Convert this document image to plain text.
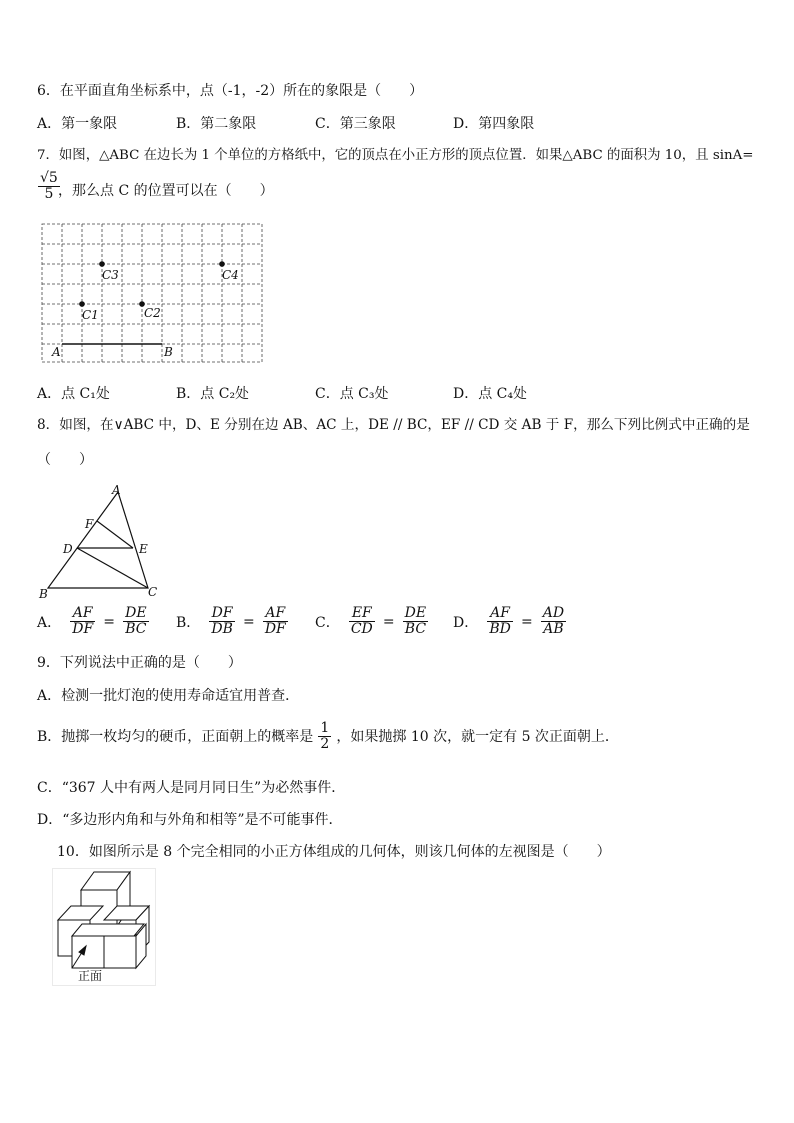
6．在平面直角坐标系中，点（-1，-2）所在的象限是（　　）
A．第一象限	B．第二象限	C．第三象限	D．第四象限
7．如图，△ABC 在边长为 1 个单位的方格纸中，它的顶点在小正方形的顶点位置．如果△ABC 的面积为 10，且 sinA=
$\frac{√5}{5}$
，那么点 C 的位置可以在（　　）
C3	C4
C1	C2
A	B
A．点 C₁处	B．点 C₂处	C．点 C₃处	D．点 C₄处
8．如图，在∨ABC 中，D、E 分别在边 AB、AC 上，DE // BC，EF // CD 交 AB 于 F，那么下列比例式中正确的是
（　　）
A
F
D	E
B	C
A． $\frac{AF}{DF} = \frac{DE}{BC}$ B． $\frac{DF}{DB} = \frac{AF}{DF}$ C． $\frac{EF}{CD} = \frac{DE}{BC}$ D． $\frac{AF}{BD} = \frac{AD}{AB}$
9．下列说法中正确的是（　　）
A．检测一批灯泡的使用寿命适宜用普查．
B．抛掷一枚均匀的硬币，正面朝上的概率是 $\frac{1}{2}$ ，如果抛掷 10 次，就一定有 5 次正面朝上．
C．“367 人中有两人是同月同日生”为必然事件．
D．“多边形内角和与外角和相等”是不可能事件．
10．如图所示是 8 个完全相同的小正方体组成的几何体，则该几何体的左视图是（　　）
正面
